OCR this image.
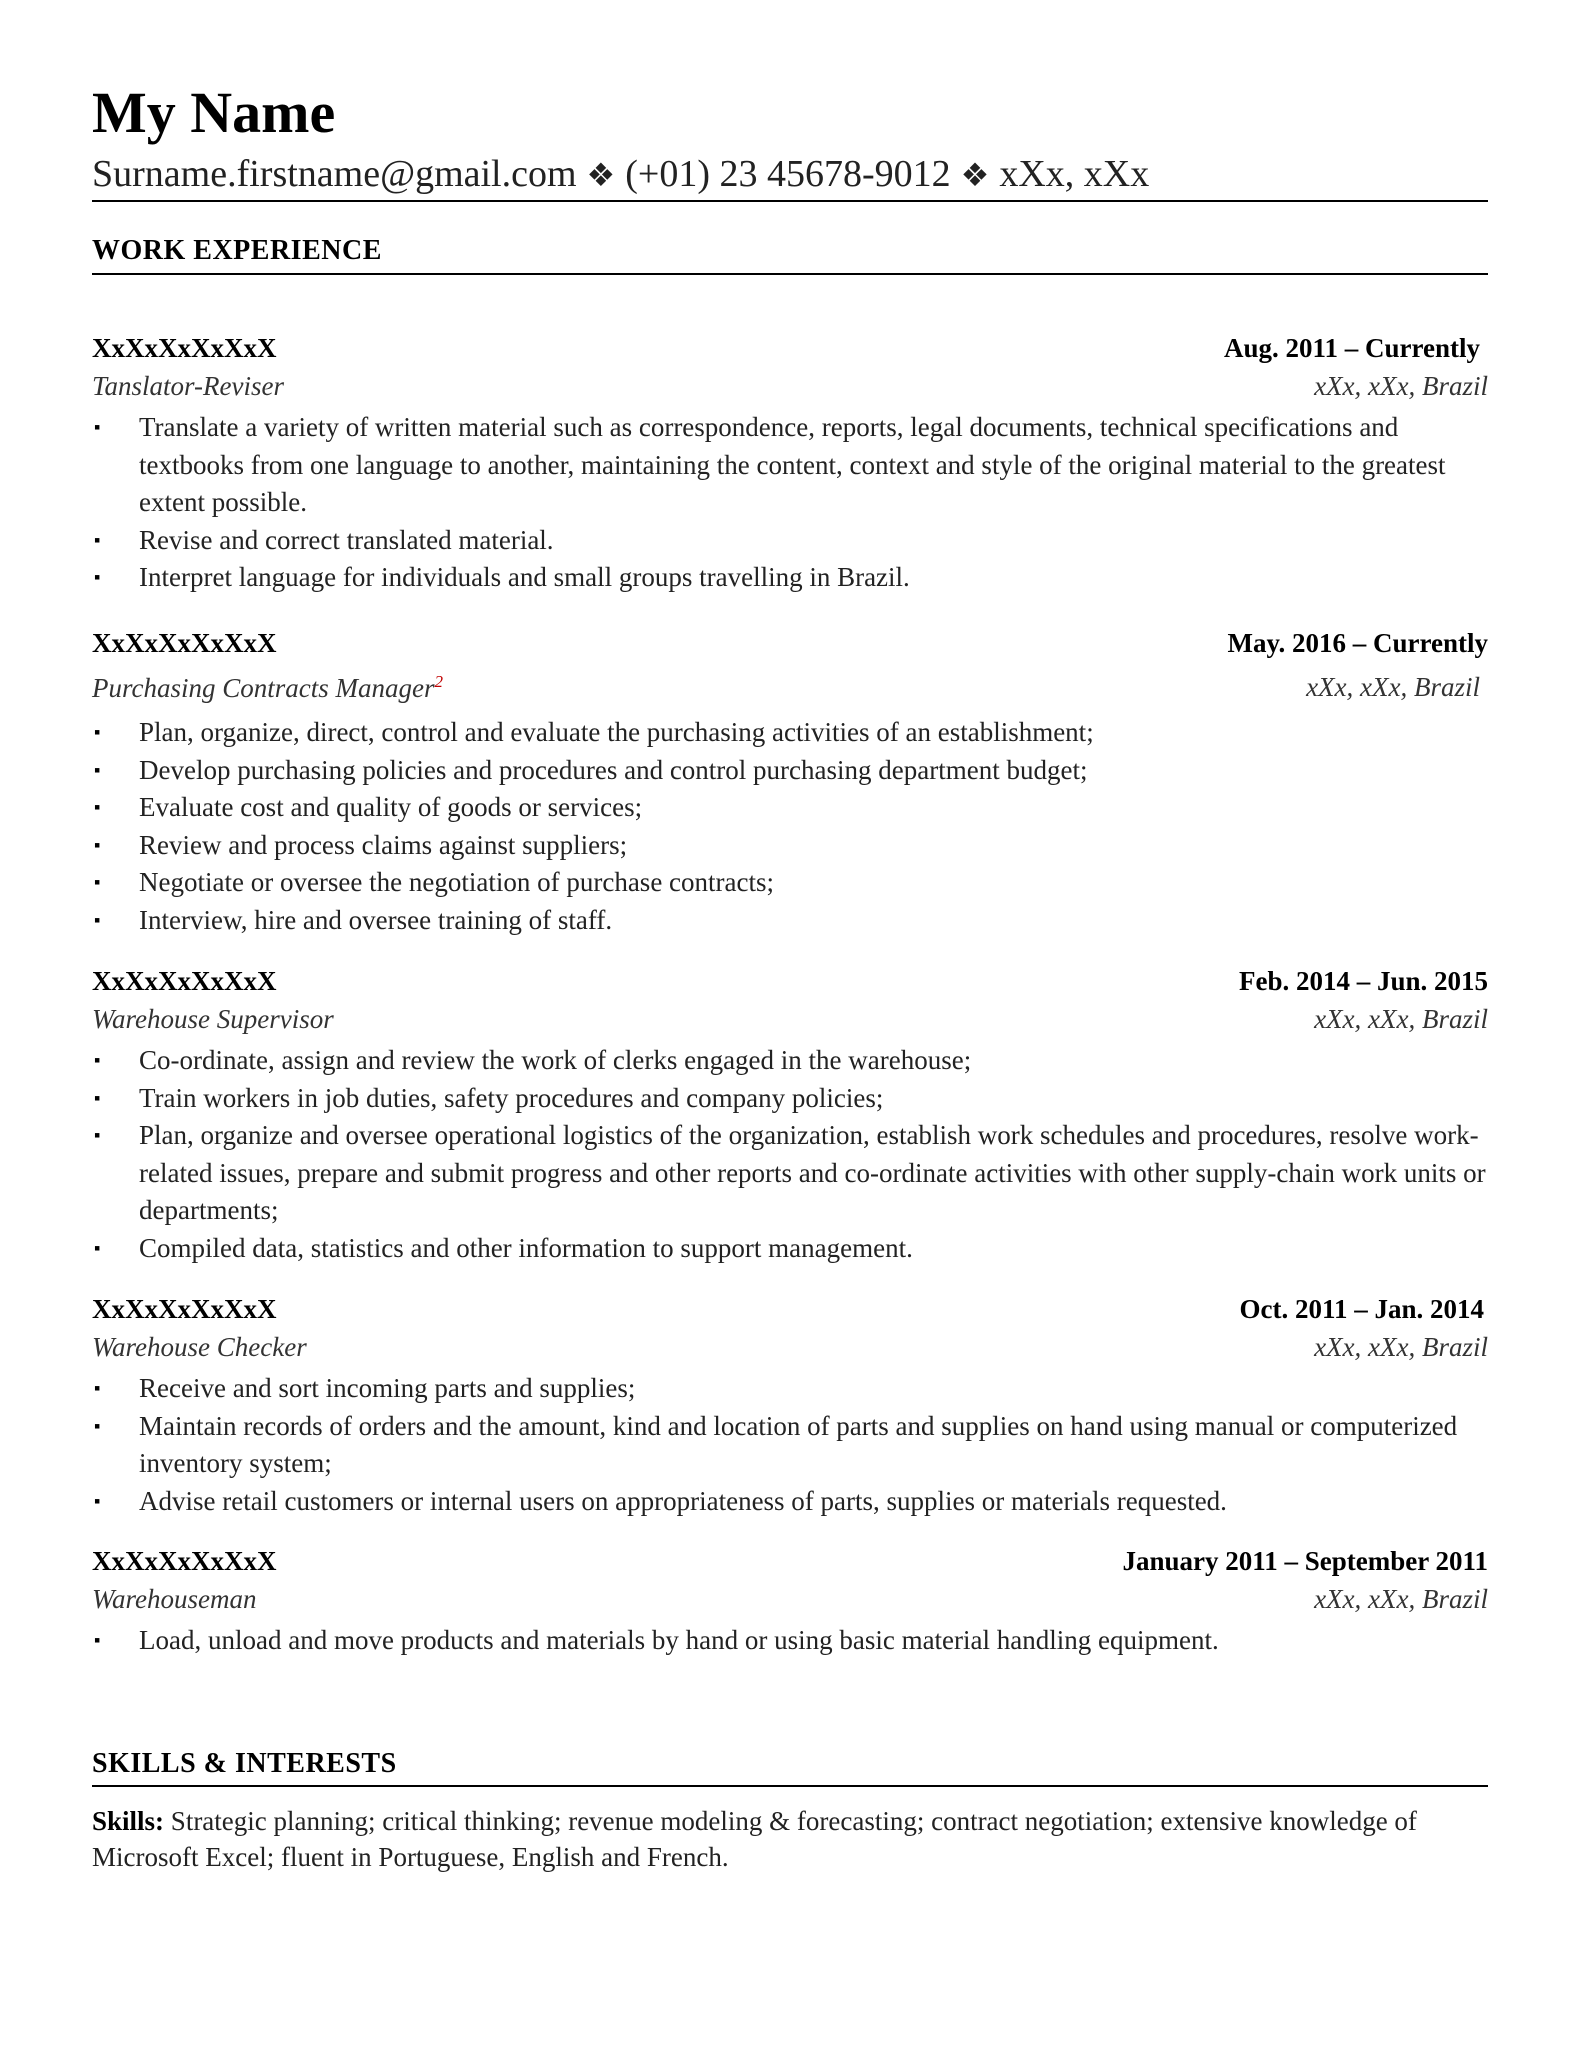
My Name
Surname.firstname@gmail.com ❖ (+01) 23 45678-9012 ❖ xXx, xXx
WORK EXPERIENCE
XxXxXxXxXxX	Aug. 2011 – Currently
Tanslator-Reviser	xXx, xXx, Brazil
▪ Translate a variety of written material such as correspondence, reports, legal documents, technical specifications and textbooks from one language to another, maintaining the content, context and style of the original material to the greatest extent possible.
▪ Revise and correct translated material.
▪ Interpret language for individuals and small groups travelling in Brazil.
XxXxXxXxXxX	May. 2016 – Currently
Purchasing Contracts Manager$^2$	xXx, xXx, Brazil
▪ Plan, organize, direct, control and evaluate the purchasing activities of an establishment;
▪ Develop purchasing policies and procedures and control purchasing department budget;
▪ Evaluate cost and quality of goods or services;
▪ Review and process claims against suppliers;
▪ Negotiate or oversee the negotiation of purchase contracts;
▪ Interview, hire and oversee training of staff.
XxXxXxXxXxX	Feb. 2014 – Jun. 2015
Warehouse Supervisor	xXx, xXx, Brazil
▪ Co-ordinate, assign and review the work of clerks engaged in the warehouse;
▪ Train workers in job duties, safety procedures and company policies;
▪ Plan, organize and oversee operational logistics of the organization, establish work schedules and procedures, resolve work-related issues, prepare and submit progress and other reports and co-ordinate activities with other supply-chain work units or departments;
▪ Compiled data, statistics and other information to support management.
XxXxXxXxXxX	Oct. 2011 – Jan. 2014
Warehouse Checker	xXx, xXx, Brazil
▪ Receive and sort incoming parts and supplies;
▪ Maintain records of orders and the amount, kind and location of parts and supplies on hand using manual or computerized inventory system;
▪ Advise retail customers or internal users on appropriateness of parts, supplies or materials requested.
XxXxXxXxXxX	January 2011 – September 2011
Warehouseman	xXx, xXx, Brazil
▪ Load, unload and move products and materials by hand or using basic material handling equipment.
SKILLS & INTERESTS
Skills: Strategic planning; critical thinking; revenue modeling & forecasting; contract negotiation; extensive knowledge of Microsoft Excel; fluent in Portuguese, English and French.
